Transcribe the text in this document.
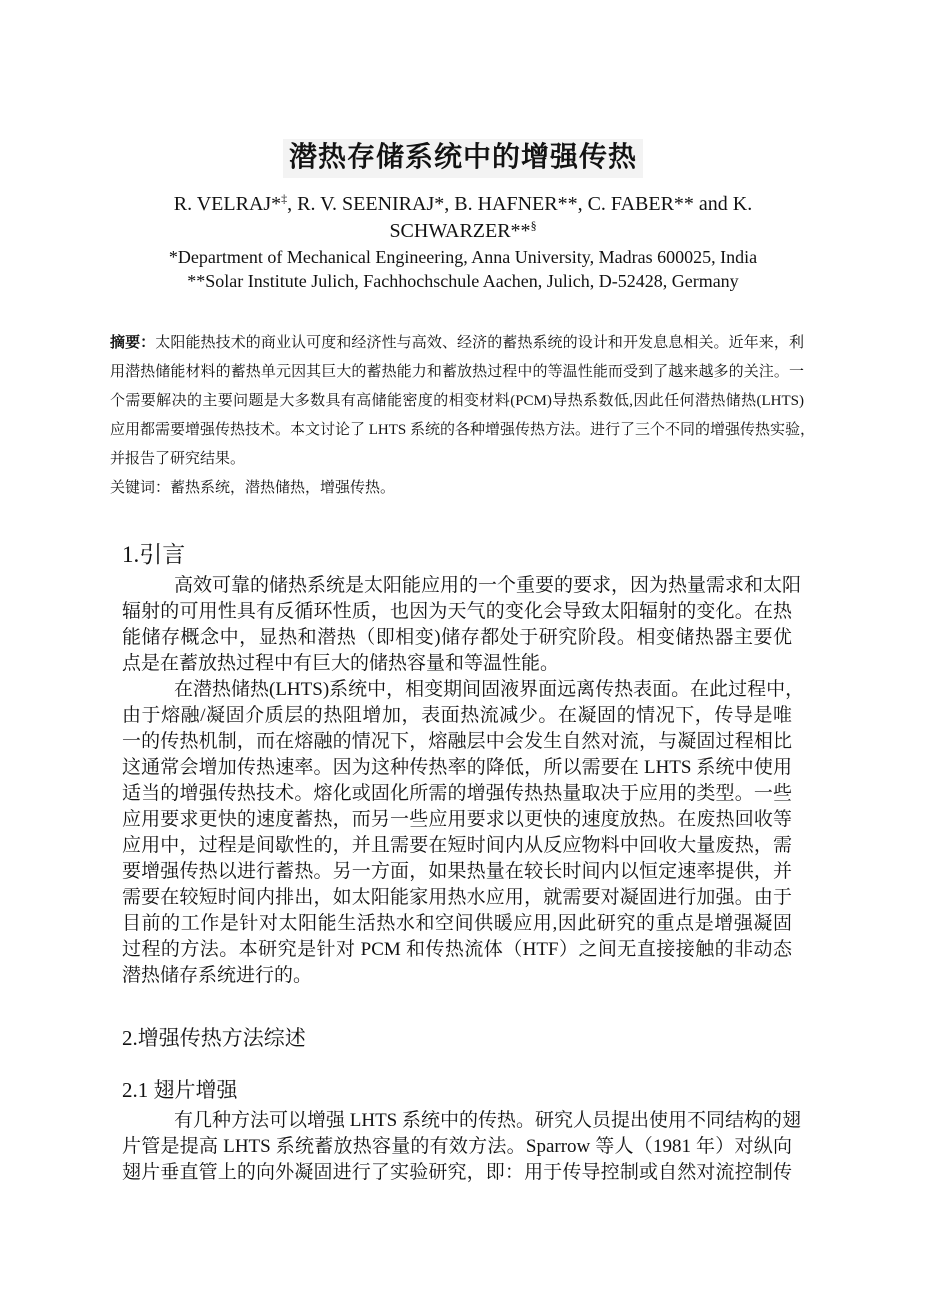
潜热存储系统中的增强传热
R. VELRAJ*‡, R. V. SEENIRAJ*, B. HAFNER**, C. FABER** and K.
SCHWARZER**§
*Department of Mechanical Engineering, Anna University, Madras 600025, India
**Solar Institute Julich, Fachhochschule Aachen, Julich, D-52428, Germany
摘要：太阳能热技术的商业认可度和经济性与高效、经济的蓄热系统的设计和开发息息相关。近年来，利
用潜热储能材料的蓄热单元因其巨大的蓄热能力和蓄放热过程中的等温性能而受到了越来越多的关注。一
个需要解决的主要问题是大多数具有高储能密度的相变材料(PCM)导热系数低,因此任何潜热储热(LHTS)
应用都需要增强传热技术。本文讨论了 LHTS 系统的各种增强传热方法。进行了三个不同的增强传热实验，
并报告了研究结果。
关键词：蓄热系统，潜热储热，增强传热。
1.引言
高效可靠的储热系统是太阳能应用的一个重要的要求，因为热量需求和太阳
辐射的可用性具有反循环性质，也因为天气的变化会导致太阳辐射的变化。在热
能储存概念中，显热和潜热（即相变)储存都处于研究阶段。相变储热器主要优
点是在蓄放热过程中有巨大的储热容量和等温性能。
在潜热储热(LHTS)系统中，相变期间固液界面远离传热表面。在此过程中，
由于熔融/凝固介质层的热阻增加，表面热流减少。在凝固的情况下，传导是唯
一的传热机制，而在熔融的情况下，熔融层中会发生自然对流，与凝固过程相比
这通常会增加传热速率。因为这种传热率的降低，所以需要在 LHTS 系统中使用
适当的增强传热技术。熔化或固化所需的增强传热热量取决于应用的类型。一些
应用要求更快的速度蓄热，而另一些应用要求以更快的速度放热。在废热回收等
应用中，过程是间歇性的，并且需要在短时间内从反应物料中回收大量废热，需
要增强传热以进行蓄热。另一方面，如果热量在较长时间内以恒定速率提供，并
需要在较短时间内排出，如太阳能家用热水应用，就需要对凝固进行加强。由于
目前的工作是针对太阳能生活热水和空间供暖应用,因此研究的重点是增强凝固
过程的方法。本研究是针对 PCM 和传热流体（HTF）之间无直接接触的非动态
潜热储存系统进行的。
2.增强传热方法综述
2.1 翅片增强
有几种方法可以增强 LHTS 系统中的传热。研究人员提出使用不同结构的翅
片管是提高 LHTS 系统蓄放热容量的有效方法。Sparrow 等人（1981 年）对纵向
翅片垂直管上的向外凝固进行了实验研究，即：用于传导控制或自然对流控制传
